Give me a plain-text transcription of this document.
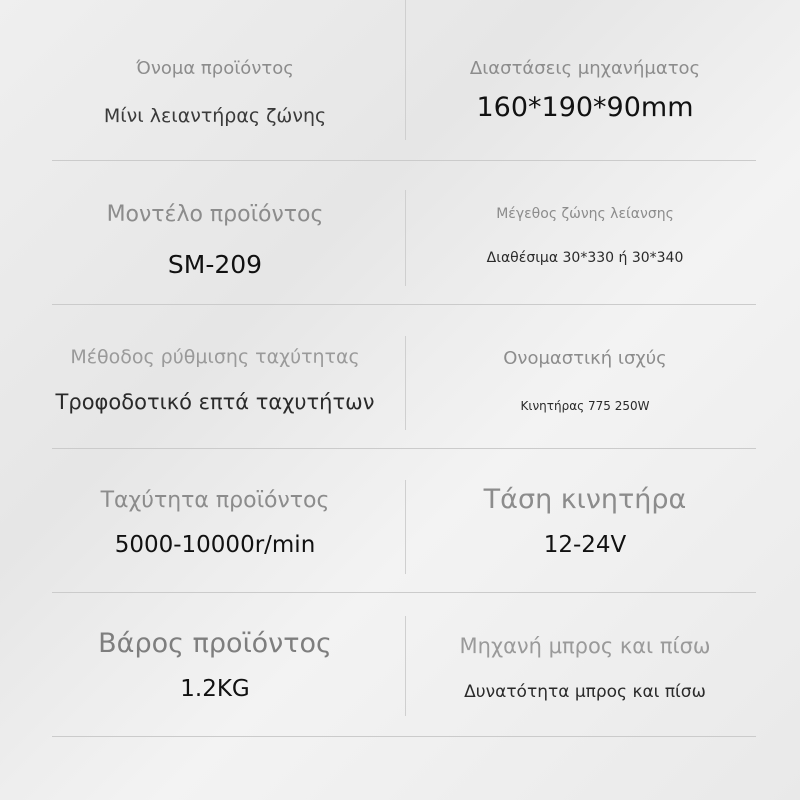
Όνομα προϊόντος
Μίνι λειαντήρας ζώνης
Διαστάσεις μηχανήματος
160*190*90mm
Μοντέλο προϊόντος
SM-209
Μέγεθος ζώνης λείανσης
Διαθέσιμα 30*330 ή 30*340
Μέθοδος ρύθμισης ταχύτητας
Τροφοδοτικό επτά ταχυτήτων
Ονομαστική ισχύς
Κινητήρας 775 250W
Ταχύτητα προϊόντος
5000-10000r/min
Τάση κινητήρα
12-24V
Βάρος προϊόντος
1.2KG
Μηχανή μπρος και πίσω
Δυνατότητα μπρος και πίσω
